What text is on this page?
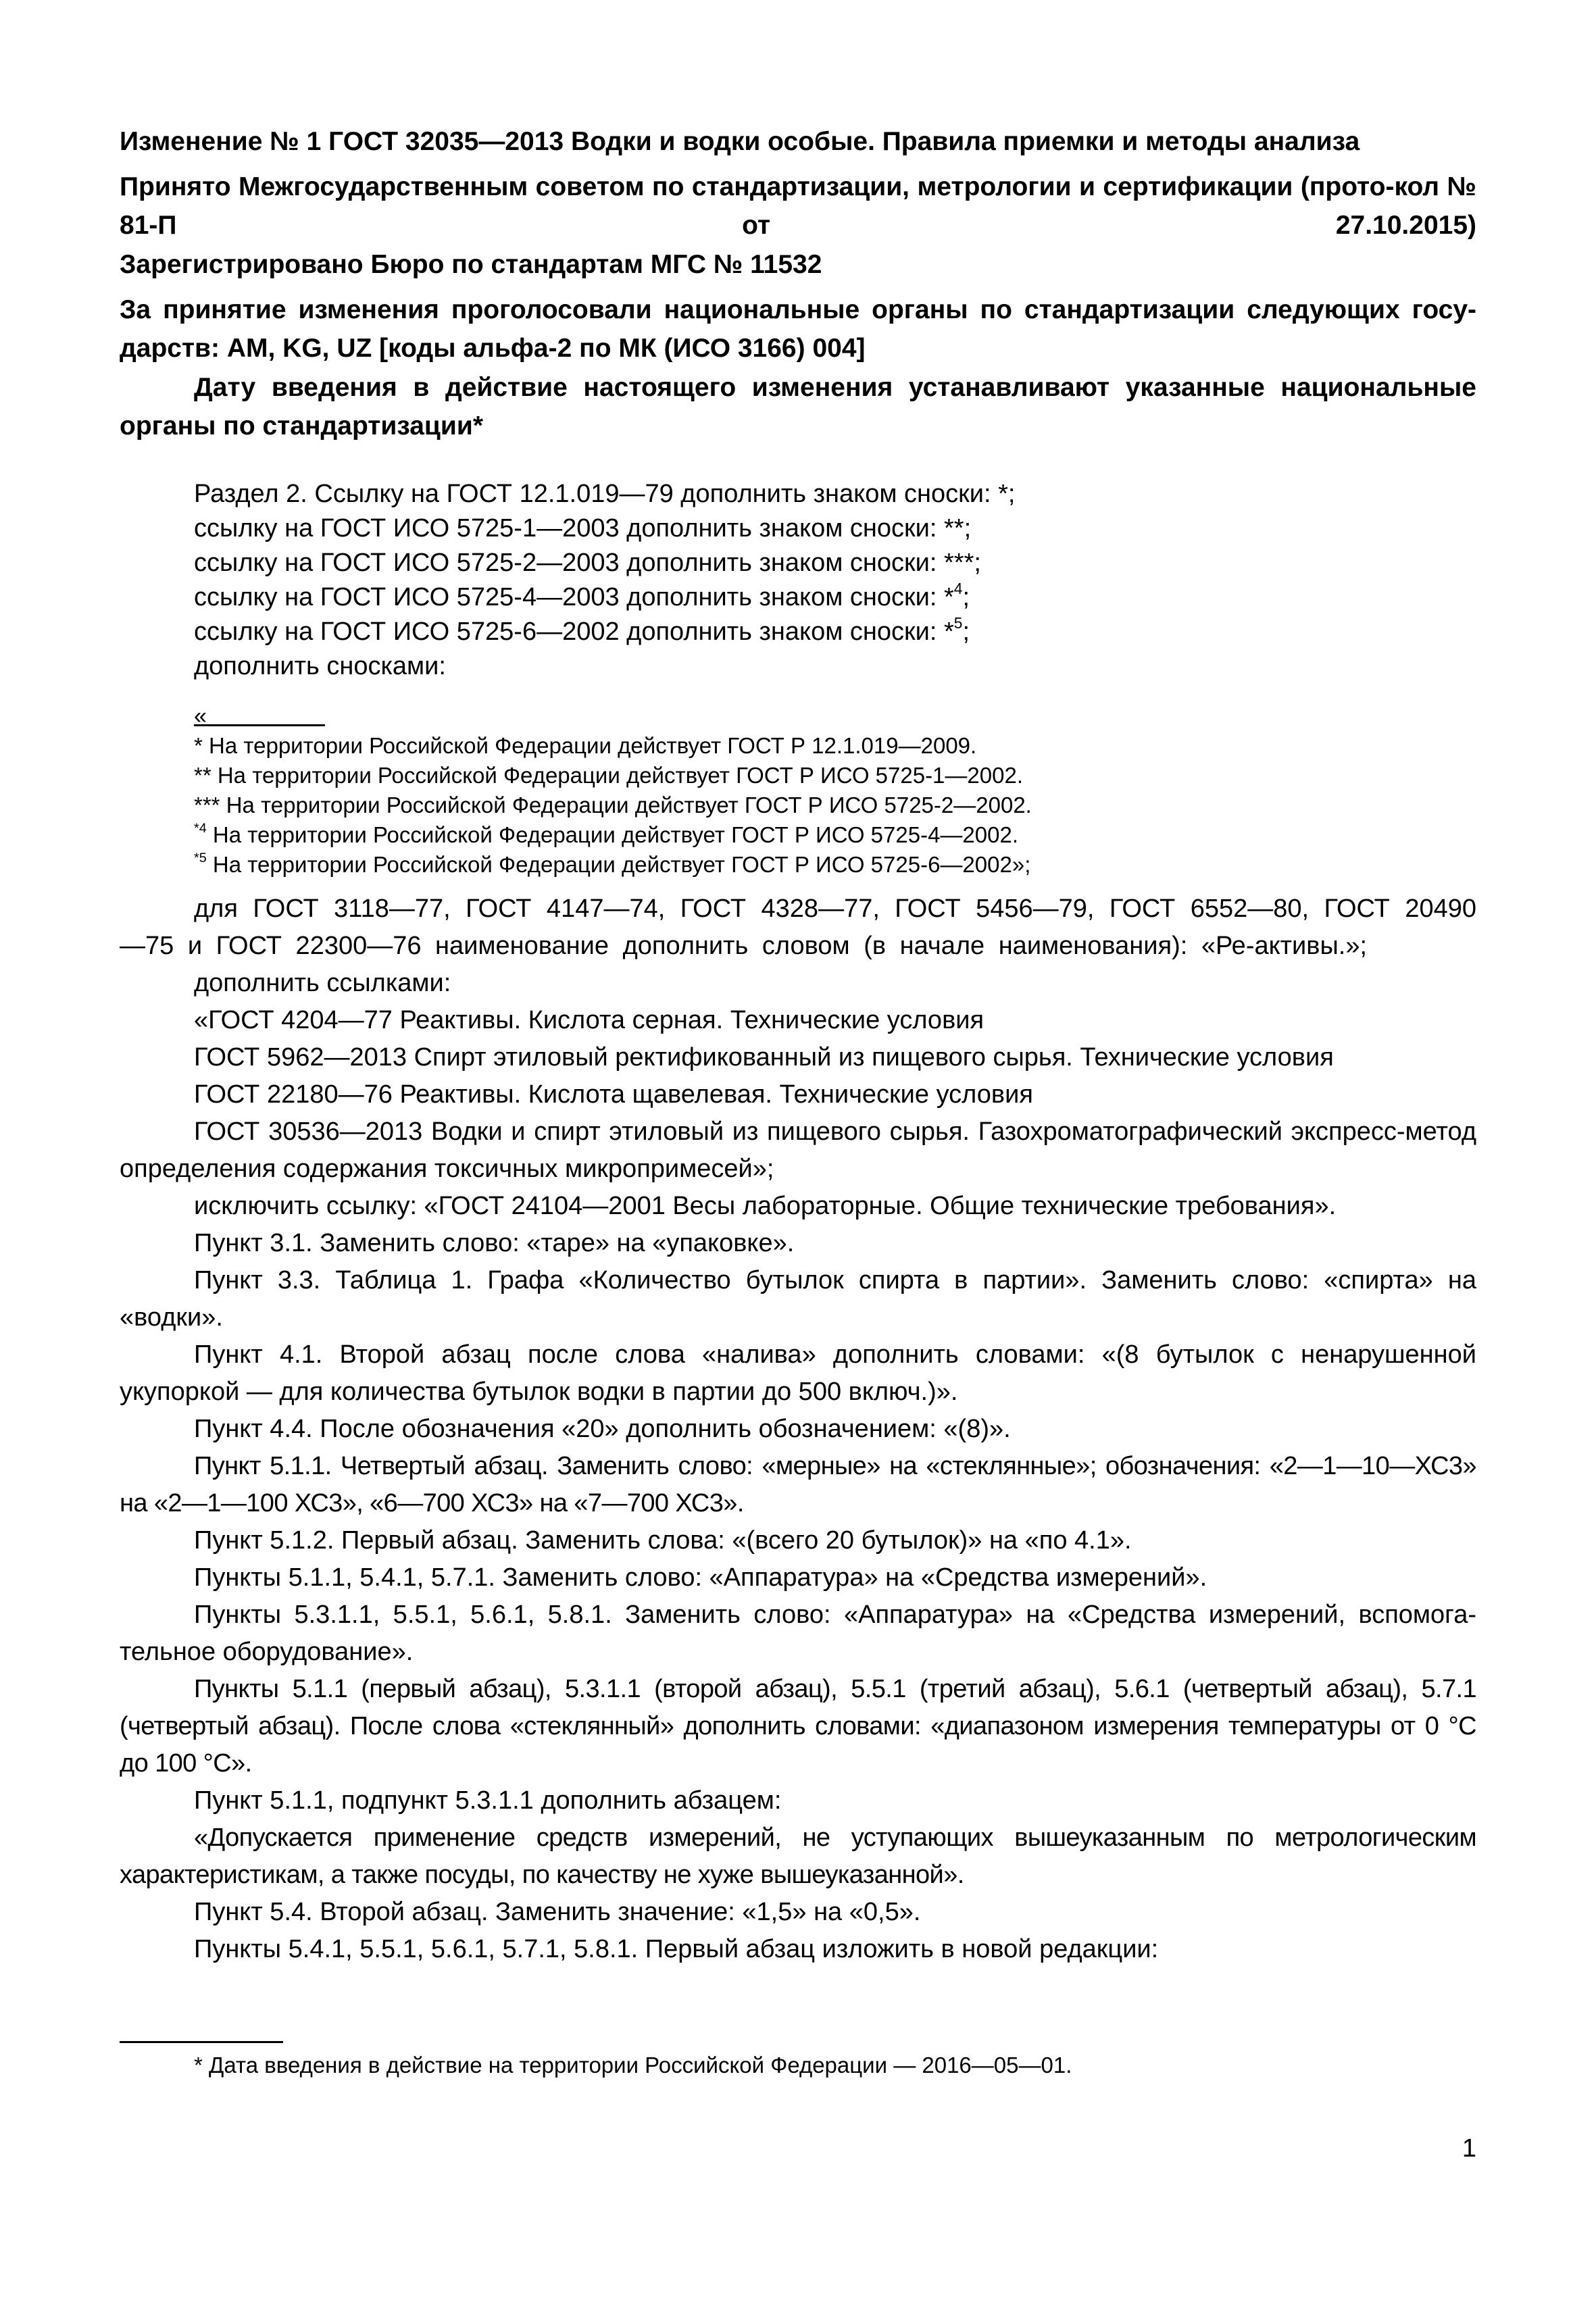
Изменение № 1 ГОСТ 32035—2013 Водки и водки особые. Правила приемки и методы анализа

Принято Межгосударственным советом по стандартизации, метрологии и сертификации (прото-кол № 81-П от 27.10.2015)

Зарегистрировано Бюро по стандартам МГС № 11532

За принятие изменения проголосовали национальные органы по стандартизации следующих госу-дарств: AM, KG, UZ [коды альфа-2 по МК (ИСО 3166) 004]

Дату введения в действие настоящего изменения устанавливают указанные национальные органы по стандартизации*

Раздел 2. Ссылку на ГОСТ 12.1.019—79 дополнить знаком сноски: *;

ссылку на ГОСТ ИСО 5725-1—2003 дополнить знаком сноски: **;

ссылку на ГОСТ ИСО 5725-2—2003 дополнить знаком сноски: ***;

ссылку на ГОСТ ИСО 5725-4—2003 дополнить знаком сноски: *$^4$;

ссылку на ГОСТ ИСО 5725-6—2002 дополнить знаком сноски: *$^5$;

дополнить сносками:

«

* На территории Российской Федерации действует ГОСТ Р 12.1.019—2009.

** На территории Российской Федерации действует ГОСТ Р ИСО 5725-1—2002.

*** На территории Российской Федерации действует ГОСТ Р ИСО 5725-2—2002.

$^{*4}$ На территории Российской Федерации действует ГОСТ Р ИСО 5725-4—2002.

$^{*5}$ На территории Российской Федерации действует ГОСТ Р ИСО 5725-6—2002»;

для ГОСТ 3118—77, ГОСТ 4147—74, ГОСТ 4328—77, ГОСТ 5456—79, ГОСТ 6552—80, ГОСТ 20490—75 и ГОСТ 22300—76 наименование дополнить словом (в начале наименования): «Ре-активы.»;

дополнить ссылками:

«ГОСТ 4204—77 Реактивы. Кислота серная. Технические условия

ГОСТ 5962—2013 Спирт этиловый ректификованный из пищевого сырья. Технические условия

ГОСТ 22180—76 Реактивы. Кислота щавелевая. Технические условия

ГОСТ 30536—2013 Водки и спирт этиловый из пищевого сырья. Газохроматографический экспресс-метод определения содержания токсичных микропримесей»;

исключить ссылку: «ГОСТ 24104—2001 Весы лабораторные. Общие технические требования».

Пункт 3.1. Заменить слово: «таре» на «упаковке».

Пункт 3.3. Таблица 1. Графа «Количество бутылок спирта в партии». Заменить слово: «спирта» на «водки».

Пункт 4.1. Второй абзац после слова «налива» дополнить словами: «(8 бутылок с ненарушенной укупоркой — для количества бутылок водки в партии до 500 включ.)».

Пункт 4.4. После обозначения «20» дополнить обозначением: «(8)».

Пункт 5.1.1. Четвертый абзац. Заменить слово: «мерные» на «стеклянные»; обозначения: «2—1—10—ХС3» на «2—1—100 ХС3», «6—700 ХС3» на «7—700 ХС3».

Пункт 5.1.2. Первый абзац. Заменить слова: «(всего 20 бутылок)» на «по 4.1».

Пункты 5.1.1, 5.4.1, 5.7.1. Заменить слово: «Аппаратура» на «Средства измерений».

Пункты 5.3.1.1, 5.5.1, 5.6.1, 5.8.1. Заменить слово: «Аппаратура» на «Средства измерений, вспомога-тельное оборудование».

Пункты 5.1.1 (первый абзац), 5.3.1.1 (второй абзац), 5.5.1 (третий абзац), 5.6.1 (четвертый абзац), 5.7.1 (четвертый абзац). После слова «стеклянный» дополнить словами: «диапазоном измерения температуры от 0 °С до 100 °С».

Пункт 5.1.1, подпункт 5.3.1.1 дополнить абзацем:

«Допускается применение средств измерений, не уступающих вышеуказанным по метрологическим характеристикам, а также посуды, по качеству не хуже вышеуказанной».

Пункт 5.4. Второй абзац. Заменить значение: «1,5» на «0,5».

Пункты 5.4.1, 5.5.1, 5.6.1, 5.7.1, 5.8.1. Первый абзац изложить в новой редакции:

* Дата введения в действие на территории Российской Федерации — 2016—05—01.

1
